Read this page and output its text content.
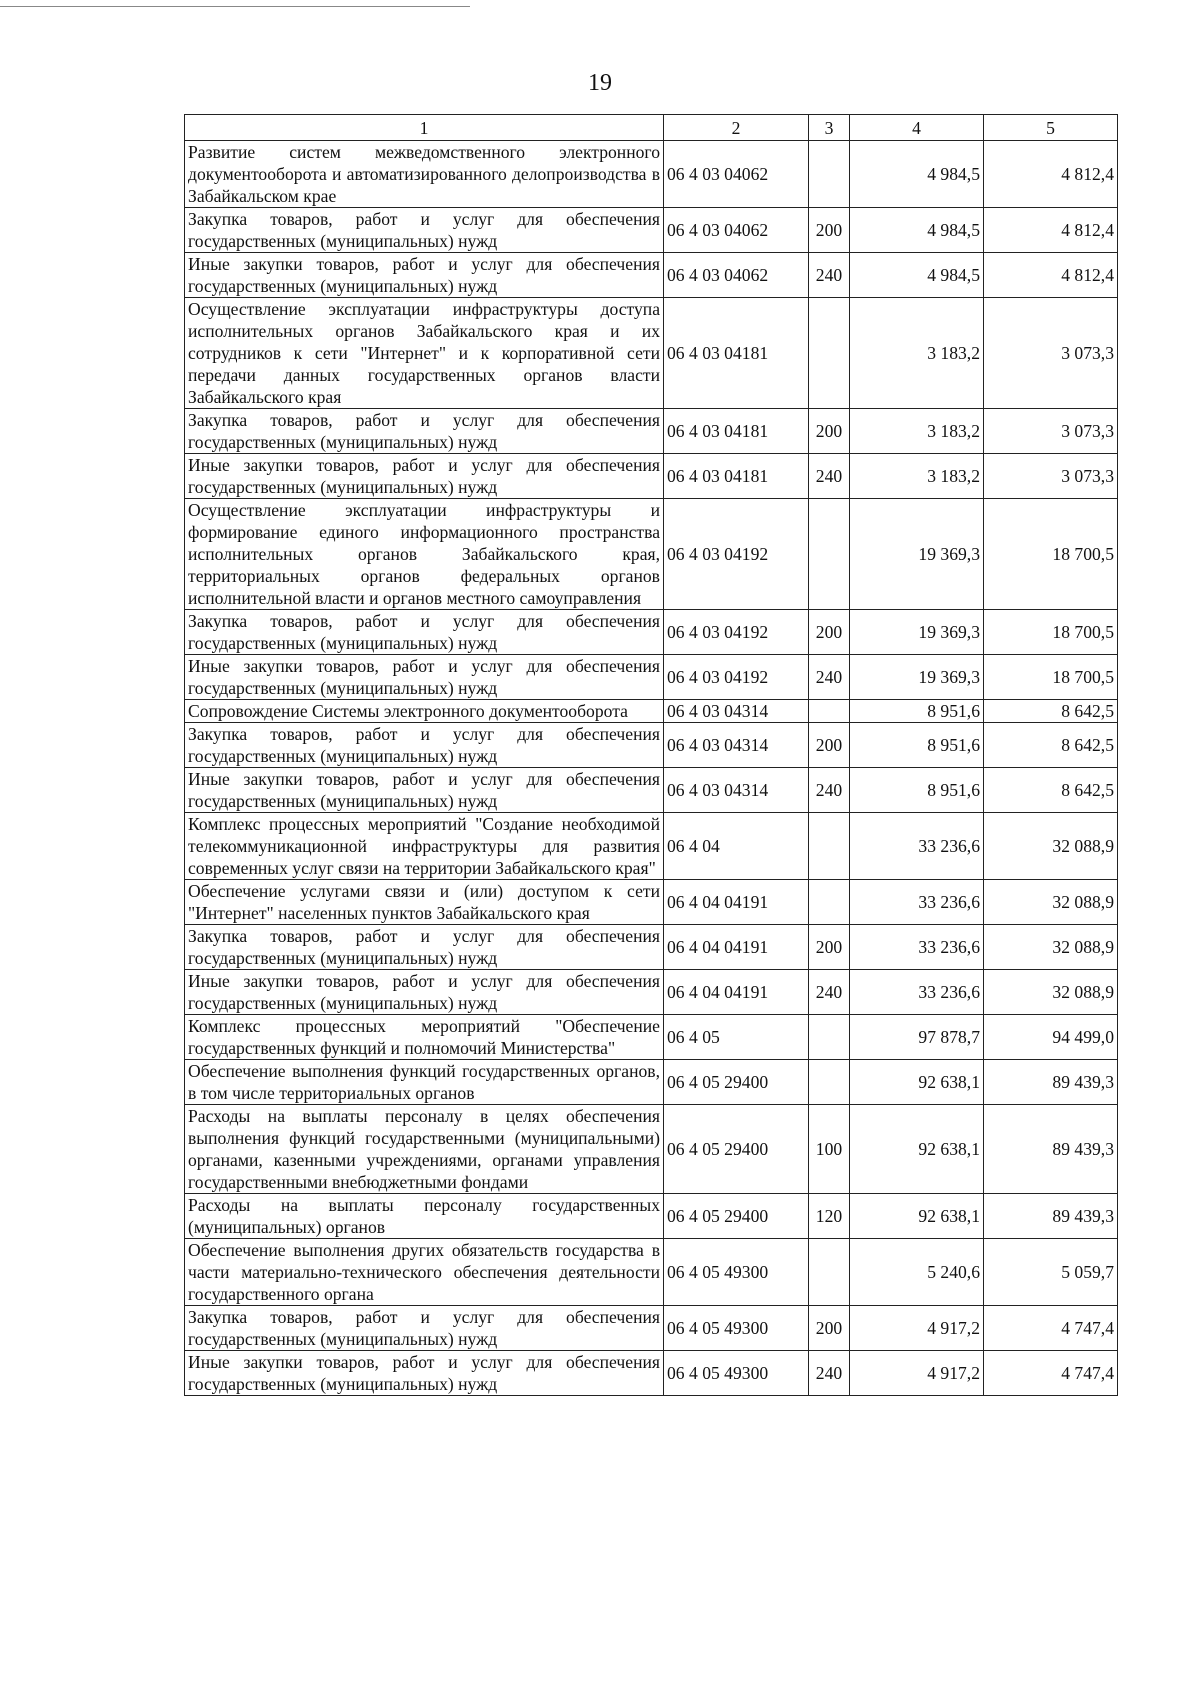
19
1	2	3	4	5
Развитие систем межведомственного электронного документооборота и автоматизированного делопроизводства в Забайкальском крае	06 4 03 04062		4 984,5	4 812,4
Закупка товаров, работ и услуг для обеспечения государственных (муниципальных) нужд	06 4 03 04062	200	4 984,5	4 812,4
Иные закупки товаров, работ и услуг для обеспечения государственных (муниципальных) нужд	06 4 03 04062	240	4 984,5	4 812,4
Осуществление эксплуатации инфраструктуры доступа исполнительных органов Забайкальского края и их сотрудников к сети "Интернет" и к корпоративной сети передачи данных государственных органов власти Забайкальского края	06 4 03 04181		3 183,2	3 073,3
Закупка товаров, работ и услуг для обеспечения государственных (муниципальных) нужд	06 4 03 04181	200	3 183,2	3 073,3
Иные закупки товаров, работ и услуг для обеспечения государственных (муниципальных) нужд	06 4 03 04181	240	3 183,2	3 073,3
Осуществление эксплуатации инфраструктуры и формирование единого информационного пространства исполнительных органов Забайкальского края, территориальных органов федеральных органов исполнительной власти и органов местного самоуправления	06 4 03 04192		19 369,3	18 700,5
Закупка товаров, работ и услуг для обеспечения государственных (муниципальных) нужд	06 4 03 04192	200	19 369,3	18 700,5
Иные закупки товаров, работ и услуг для обеспечения государственных (муниципальных) нужд	06 4 03 04192	240	19 369,3	18 700,5
Сопровождение Системы электронного документооборота	06 4 03 04314		8 951,6	8 642,5
Закупка товаров, работ и услуг для обеспечения государственных (муниципальных) нужд	06 4 03 04314	200	8 951,6	8 642,5
Иные закупки товаров, работ и услуг для обеспечения государственных (муниципальных) нужд	06 4 03 04314	240	8 951,6	8 642,5
Комплекс процессных мероприятий "Создание необходимой телекоммуникационной инфраструктуры для развития современных услуг связи на территории Забайкальского края"	06 4 04		33 236,6	32 088,9
Обеспечение услугами связи и (или) доступом к сети "Интернет" населенных пунктов Забайкальского края	06 4 04 04191		33 236,6	32 088,9
Закупка товаров, работ и услуг для обеспечения государственных (муниципальных) нужд	06 4 04 04191	200	33 236,6	32 088,9
Иные закупки товаров, работ и услуг для обеспечения государственных (муниципальных) нужд	06 4 04 04191	240	33 236,6	32 088,9
Комплекс процессных мероприятий "Обеспечение государственных функций и полномочий Министерства"	06 4 05		97 878,7	94 499,0
Обеспечение выполнения функций государственных органов, в том числе территориальных органов	06 4 05 29400		92 638,1	89 439,3
Расходы на выплаты персоналу в целях обеспечения выполнения функций государственными (муниципальными) органами, казенными учреждениями, органами управления государственными внебюджетными фондами	06 4 05 29400	100	92 638,1	89 439,3
Расходы на выплаты персоналу государственных (муниципальных) органов	06 4 05 29400	120	92 638,1	89 439,3
Обеспечение выполнения других обязательств государства в части материально-технического обеспечения деятельности государственного органа	06 4 05 49300		5 240,6	5 059,7
Закупка товаров, работ и услуг для обеспечения государственных (муниципальных) нужд	06 4 05 49300	200	4 917,2	4 747,4
Иные закупки товаров, работ и услуг для обеспечения государственных (муниципальных) нужд	06 4 05 49300	240	4 917,2	4 747,4
